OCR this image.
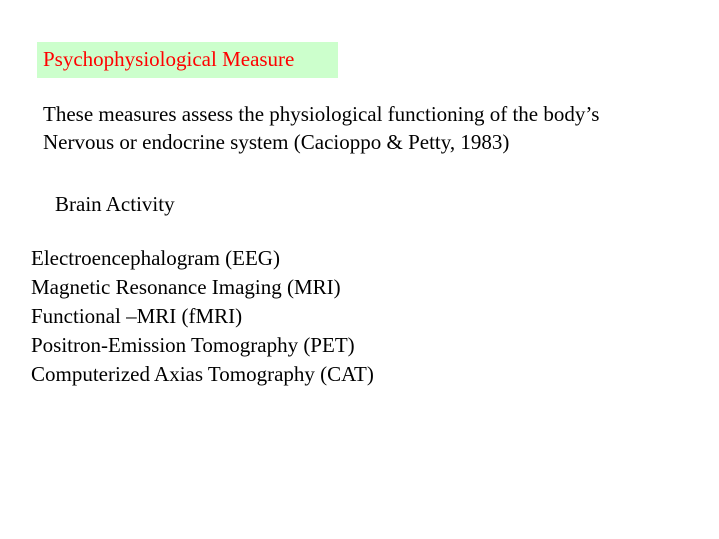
Psychophysiological Measure
These measures assess the physiological functioning of the body’s
Nervous or endocrine system (Cacioppo & Petty, 1983)
Brain Activity
Electroencephalogram (EEG)
Magnetic Resonance Imaging (MRI)
Functional –MRI (fMRI)
Positron-Emission Tomography (PET)
Computerized Axias Tomography (CAT)
